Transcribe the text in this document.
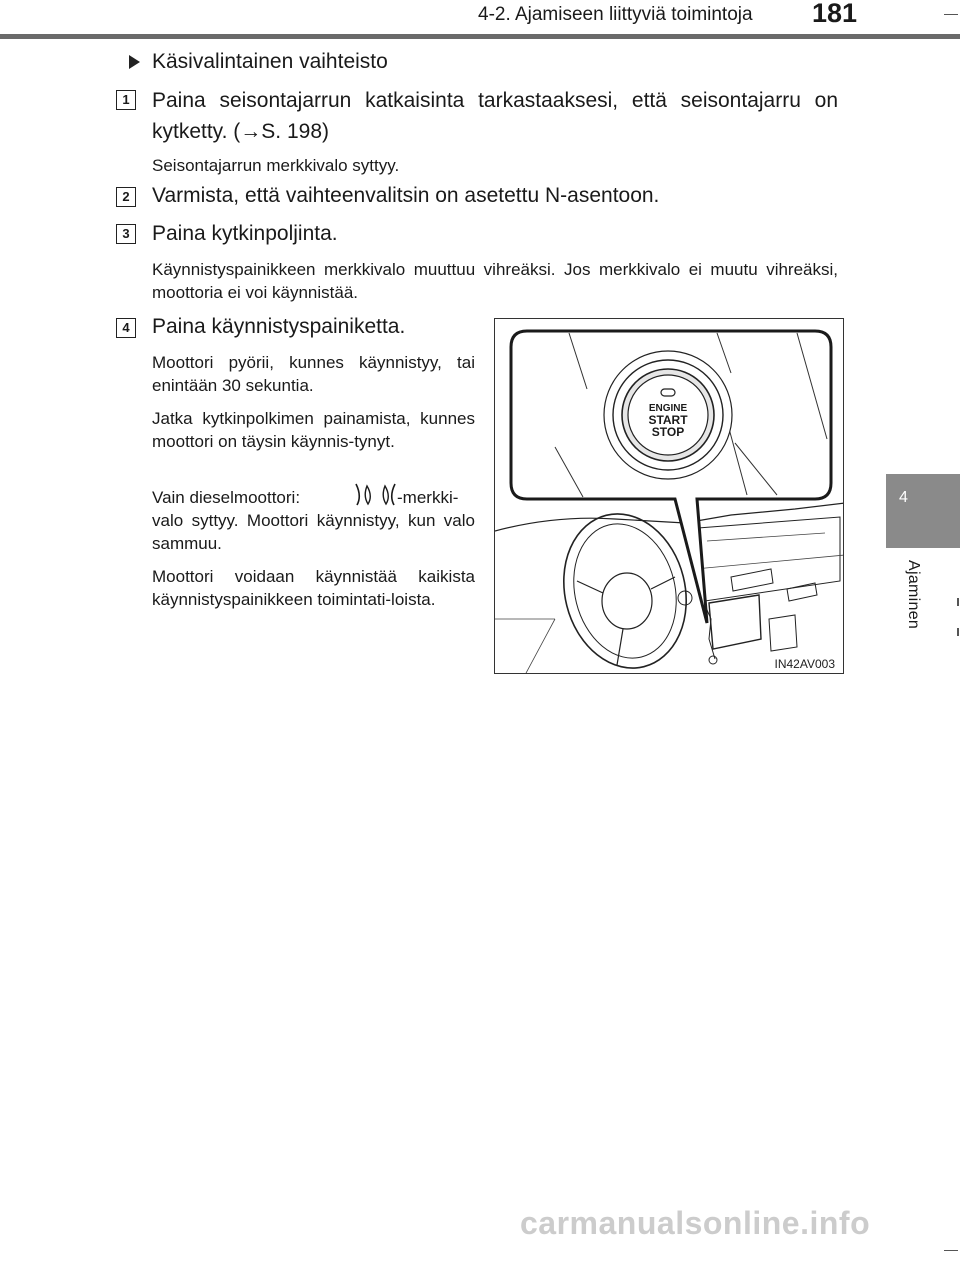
4-2. Ajamiseen liittyviä toimintoja 181
4
Ajaminen
Käsivalintainen vaihteisto
1	Paina seisontajarrun katkaisinta tarkastaaksesi, että seisontajarru on kytketty. (→S. 198)
Seisontajarrun merkkivalo syttyy.
2	Varmista, että vaihteenvalitsin on asetettu N-asentoon.
3	Paina kytkinpoljinta.
Käynnistyspainikkeen merkkivalo muuttuu vihreäksi. Jos merkkivalo ei muutu vihreäksi, moottoria ei voi käynnistää.
4	Paina käynnistyspainiketta.
Moottori pyörii, kunnes käynnistyy, tai enintään 30 sekuntia.
Jatka kytkinpolkimen painamista, kunnes moottori on täysin käynnis-tynyt.
Vain dieselmoottori:	-merkki-
valo syttyy. Moottori käynnistyy, kun valo sammuu.
Moottori voidaan käynnistää kaikista käynnistyspainikkeen toimintati-loista.
ENGINE
START
STOP
IN42AV003
carmanualsonline.info
